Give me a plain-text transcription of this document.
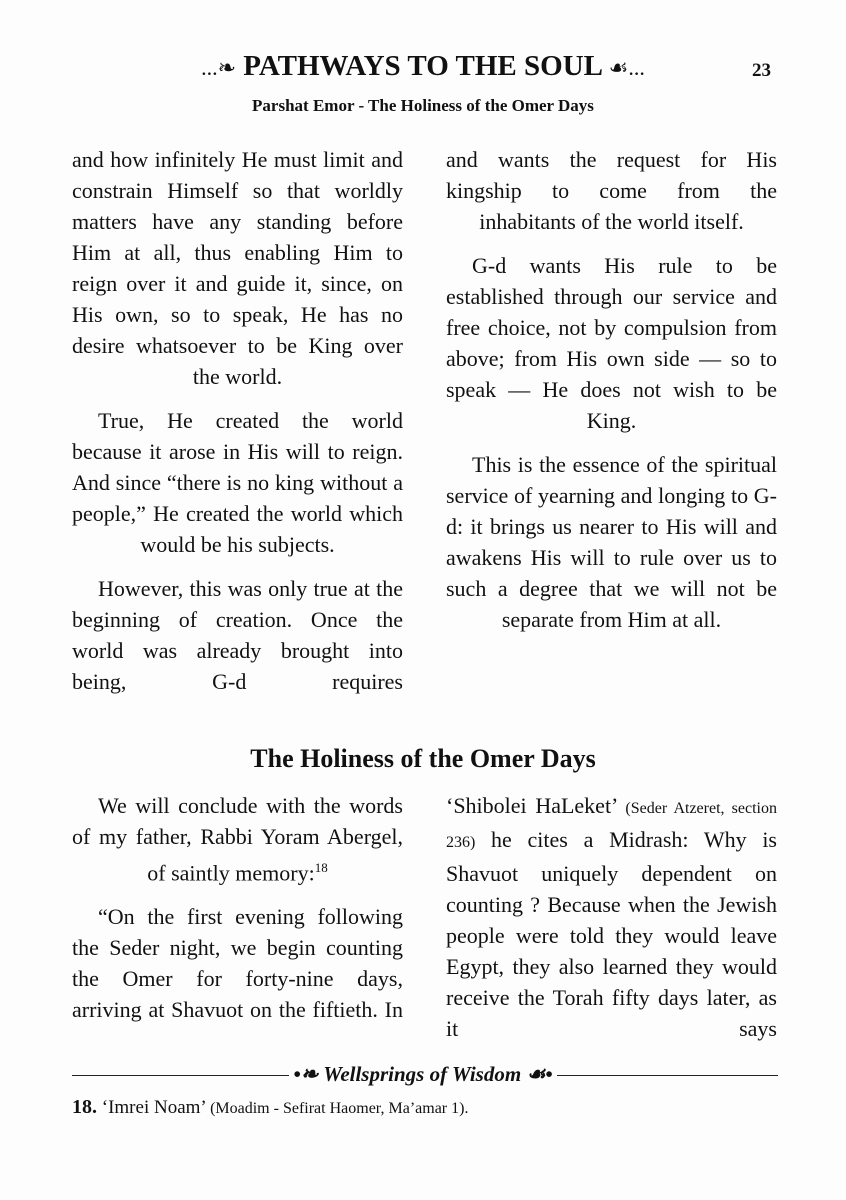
...❧ PATHWAYS TO THE SOUL ☙...	23
Parshat Emor - The Holiness of the Omer Days

and how infinitely He must limit and constrain Himself so that worldly matters have any standing before Him at all, thus enabling Him to reign over it and guide it, since, on His own, so to speak, He has no desire whatsoever to be King over the world.

True, He created the world because it arose in His will to reign. And since “there is no king without a people,” He created the world which would be his subjects.

However, this was only true at the beginning of creation. Once the world was already brought into being, G-d requires

and wants the request for His kingship to come from the inhabitants of the world itself.

G-d wants His rule to be established through our service and free choice, not by compulsion from above; from His own side — so to speak — He does not wish to be King.

This is the essence of the spiritual service of yearning and longing to G-d: it brings us nearer to His will and awakens His will to rule over us to such a degree that we will not be separate from Him at all.

The Holiness of the Omer Days

We will conclude with the words of my father, Rabbi Yoram Abergel, of saintly memory:$^{18}$

“On the first evening following the Seder night, we begin counting the Omer for forty-nine days, arriving at Shavuot on the fiftieth. In

‘Shibolei HaLeket’ (Seder Atzeret, section 236) he cites a Midrash: Why is Shavuot uniquely dependent on counting ? Because when the Jewish people were told they would leave Egypt, they also learned they would receive the Torah fifty days later, as it says

•❧ Wellsprings of Wisdom ☙•
18. ‘Imrei Noam’ (Moadim - Sefirat Haomer, Ma’amar 1).
